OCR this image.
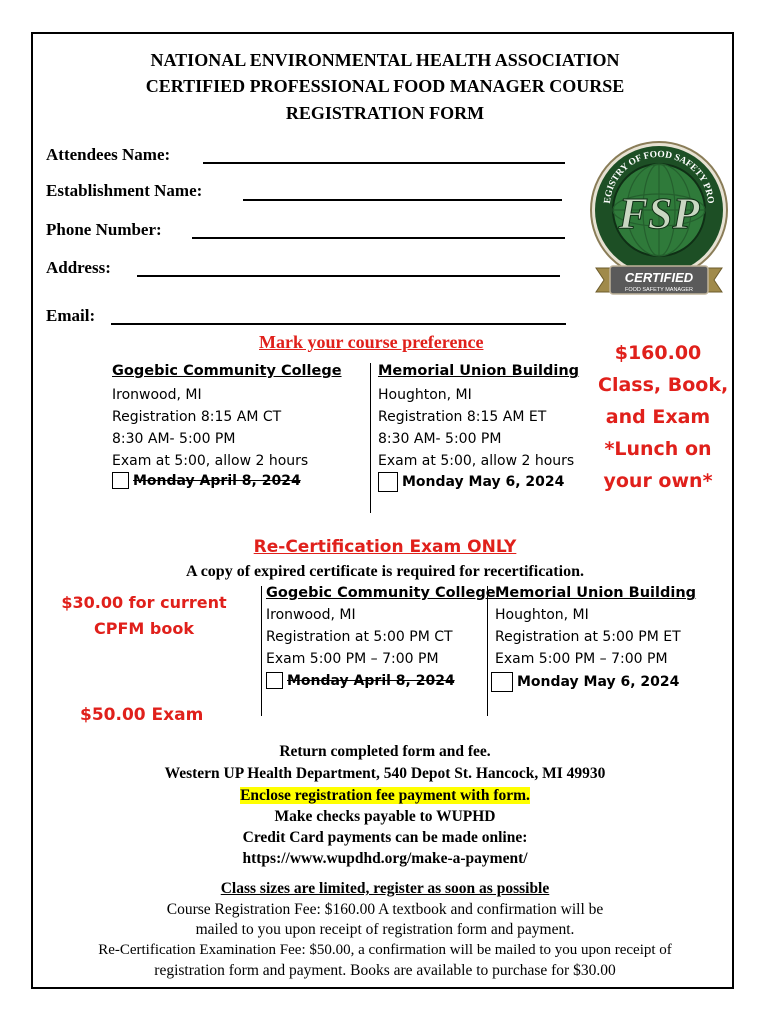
NATIONAL ENVIRONMENTAL HEALTH ASSOCIATION
CERTIFIED PROFESSIONAL FOOD MANAGER COURSE
REGISTRATION FORM
Attendees Name:
Establishment Name:
Phone Number:
Address:
Email:
EGISTRY OF FOOD SAFETY PRO
FSP
CERTIFIED
FOOD SAFETY MANAGER
Mark your course preference	$160.00
Class, Book,
and Exam
*Lunch on
your own*
Gogebic Community College
Ironwood, MI
Registration 8:15 AM CT
8:30 AM- 5:00 PM
Exam at 5:00, allow 2 hours
Monday April 8, 2024
Memorial Union Building
Houghton, MI
Registration 8:15 AM ET
8:30 AM- 5:00 PM
Exam at 5:00, allow 2 hours
Monday May 6, 2024
Re-Certification Exam ONLY
A copy of expired certificate is required for recertification.
$30.00 for current
CPFM book
$50.00 Exam
Gogebic Community College
Ironwood, MI
Registration at 5:00 PM CT
Exam 5:00 PM – 7:00 PM
Monday April 8, 2024
Memorial Union Building
Houghton, MI
Registration at 5:00 PM ET
Exam 5:00 PM – 7:00 PM
Monday May 6, 2024
Return completed form and fee.
Western UP Health Department, 540 Depot St. Hancock, MI 49930
Enclose registration fee payment with form.
Make checks payable to WUPHD
Credit Card payments can be made online:
https://www.wupdhd.org/make-a-payment/
Class sizes are limited, register as soon as possible
Course Registration Fee: $160.00 A textbook and confirmation will be
mailed to you upon receipt of registration form and payment.
Re-Certification Examination Fee: $50.00, a confirmation will be mailed to you upon receipt of
registration form and payment. Books are available to purchase for $30.00
